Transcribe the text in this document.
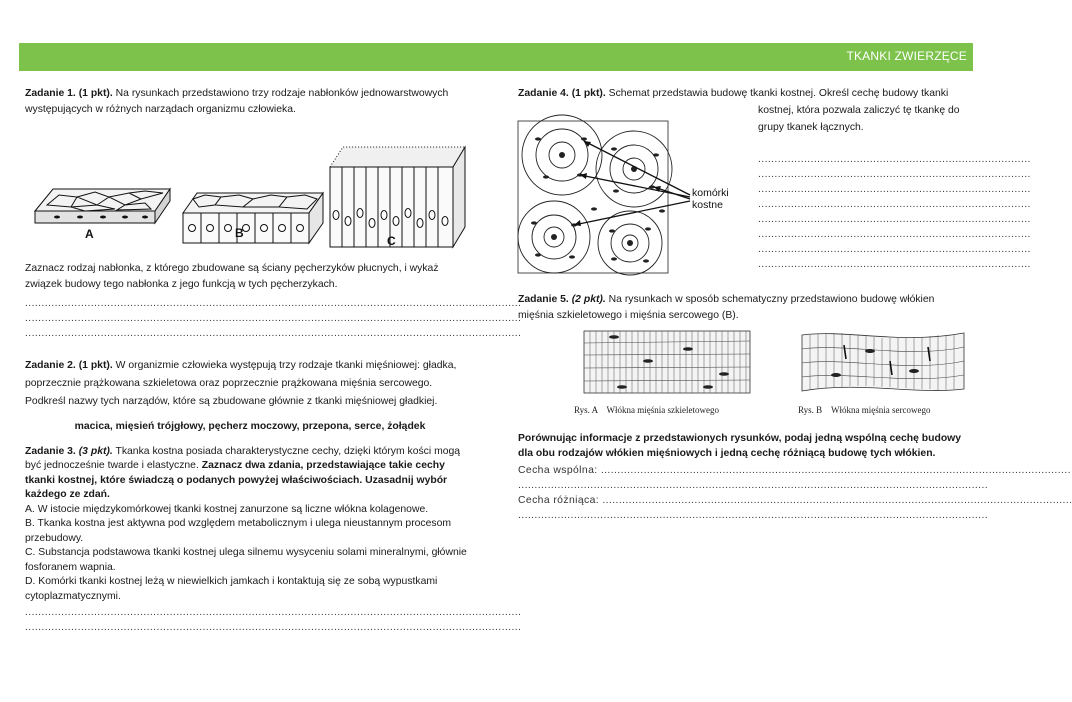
TKANKI ZWIERZĘCE

Zadanie 1. (1 pkt). Na rysunkach przedstawiono trzy rodzaje nabłonków jednowarstwowych występujących w różnych narządach organizmu człowieka.

A	B
C

Zaznacz rodzaj nabłonka, z którego zbudowane są ściany pęcherzyków płucnych, i wykaż związek budowy tego nabłonka z jego funkcją w tych pęcherzykach.

.......................................................................................................................................................
.......................................................................................................................................................
.......................................................................................................................................................

Zadanie 2. (1 pkt). W organizmie człowieka występują trzy rodzaje tkanki mięśniowej: gładka, poprzecznie prążkowana szkieletowa oraz poprzecznie prążkowana mięśnia sercowego. Podkreśl nazwy tych narządów, które są zbudowane głównie z tkanki mięśniowej gładkiej.

macica, mięsień trójgłowy, pęcherz moczowy, przepona, serce, żołądek

Zadanie 3. (3 pkt). Tkanka kostna posiada charakterystyczne cechy, dzięki którym kości mogą być jednocześnie twarde i elastyczne. Zaznacz dwa zdania, przedstawiające takie cechy tkanki kostnej, które świadczą o podanych powyżej właściwościach. Uzasadnij wybór każdego ze zdań.

A. W istocie międzykomórkowej tkanki kostnej zanurzone są liczne włókna kolagenowe.

B. Tkanka kostna jest aktywna pod względem metabolicznym i ulega nieustannym procesom przebudowy.

C. Substancja podstawowa tkanki kostnej ulega silnemu wysyceniu solami mineralnymi, głównie fosforanem wapnia.

D. Komórki tkanki kostnej leżą w niewielkich jamkach i kontaktują się ze sobą wypustkami cytoplazmatycznymi.

.......................................................................................................................................................
.......................................................................................................................................................

Zadanie 4. (1 pkt). Schemat przedstawia budowę tkanki kostnej. Określ cechę budowy tkanki

kostnej, która pozwala zaliczyć tę tkankę do grupy tkanek łącznych.

komórki kostne
...................................................................................
...................................................................................
...................................................................................
...................................................................................
...................................................................................
...................................................................................
...................................................................................
...................................................................................

Zadanie 5. (2 pkt). Na rysunkach w sposób schematyczny przedstawiono budowę włókien mięśnia szkieletowego i mięśnia sercowego (B).

Rys. A    Włókna mięśnia szkieletowego	Rys. B    Włókna mięśnia sercowego

Porównując informacje z przedstawionych rysunków, podaj jedną wspólną cechę budowy dla obu rodzajów włókien mięśniowych i jedną cechę różniącą budowę tych włókien.

Cecha wspólna: ...............................................................................................................................................
...............................................................................................................................................
Cecha różniąca: ...............................................................................................................................................
...............................................................................................................................................
